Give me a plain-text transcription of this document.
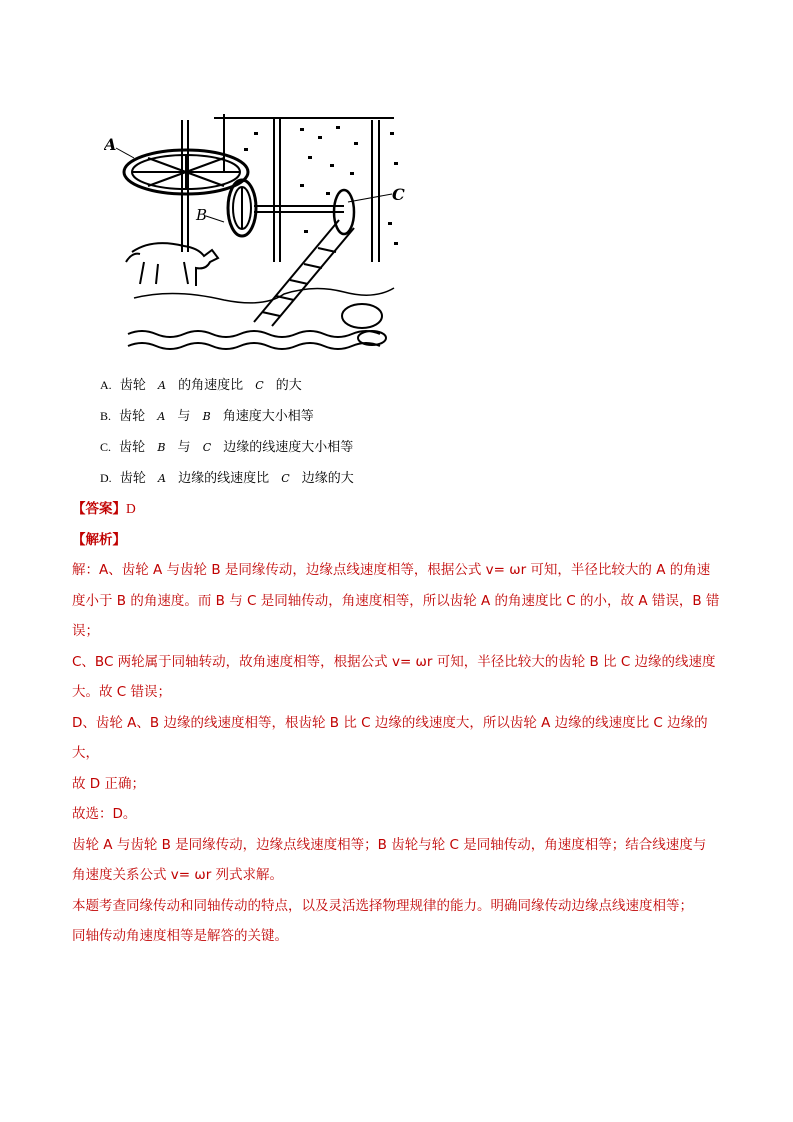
A
B
C
A. 齿轮 A 的角速度比 C 的大
B. 齿轮 A 与 B 角速度大小相等
C. 齿轮 B 与 C 边缘的线速度大小相等
D. 齿轮 A 边缘的线速度比 C 边缘的大
【答案】D
【解析】

解：A、齿轮 A 与齿轮 B 是同缘传动，边缘点线速度相等，根据公式 v= ωr 可知，半径比较大的 A 的角速

度小于 B 的角速度。而 B 与 C 是同轴传动，角速度相等，所以齿轮 A 的角速度比 C 的小，故 A 错误，B 错

误；

C、BC 两轮属于同轴转动，故角速度相等，根据公式 v= ωr 可知，半径比较大的齿轮 B 比 C 边缘的线速度

大。故 C 错误；

D、齿轮 A、B 边缘的线速度相等，根齿轮 B 比 C 边缘的线速度大，所以齿轮 A 边缘的线速度比 C 边缘的大，

故 D 正确；

故选：D。

齿轮 A 与齿轮 B 是同缘传动，边缘点线速度相等；B 齿轮与轮 C 是同轴传动，角速度相等；结合线速度与

角速度关系公式 v= ωr 列式求解。

本题考查同缘传动和同轴传动的特点，以及灵活选择物理规律的能力。明确同缘传动边缘点线速度相等；

同轴传动角速度相等是解答的关键。
